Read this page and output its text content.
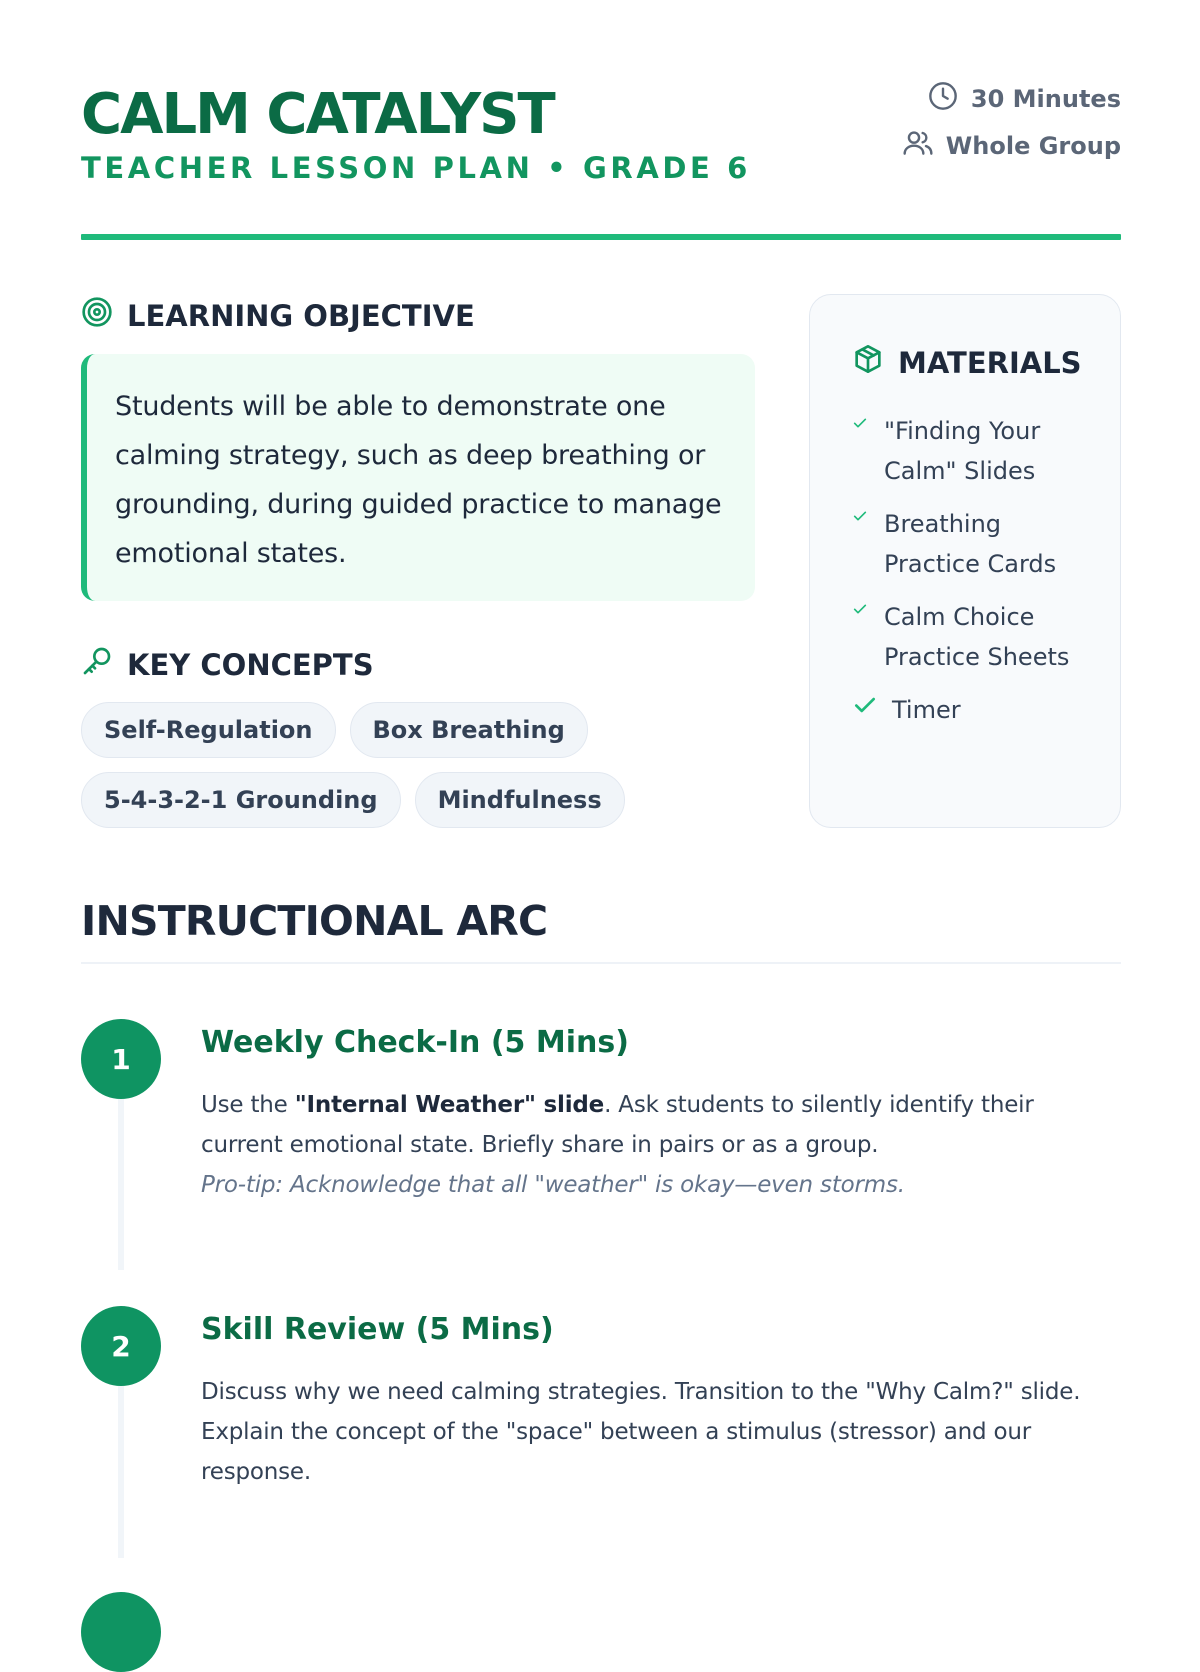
CALM CATALYST
TEACHER LESSON PLAN • GRADE 6
30 Minutes
Whole Group
LEARNING OBJECTIVE
Students will be able to demonstrate one calming strategy, such as deep breathing or grounding, during guided practice to manage emotional states.
KEY CONCEPTS
Self-Regulation	Box Breathing
5-4-3-2-1 Grounding	Mindfulness
MATERIALS
"Finding Your Calm" Slides
Breathing Practice Cards
Calm Choice Practice Sheets
Timer
INSTRUCTIONAL ARC
1	Weekly Check-In (5 Mins)
Use the "Internal Weather" slide. Ask students to silently identify their current emotional state. Briefly share in pairs or as a group.
Pro-tip: Acknowledge that all "weather" is okay—even storms.
2	Skill Review (5 Mins)
Discuss why we need calming strategies. Transition to the "Why Calm?" slide. Explain the concept of the "space" between a stimulus (stressor) and our response.
